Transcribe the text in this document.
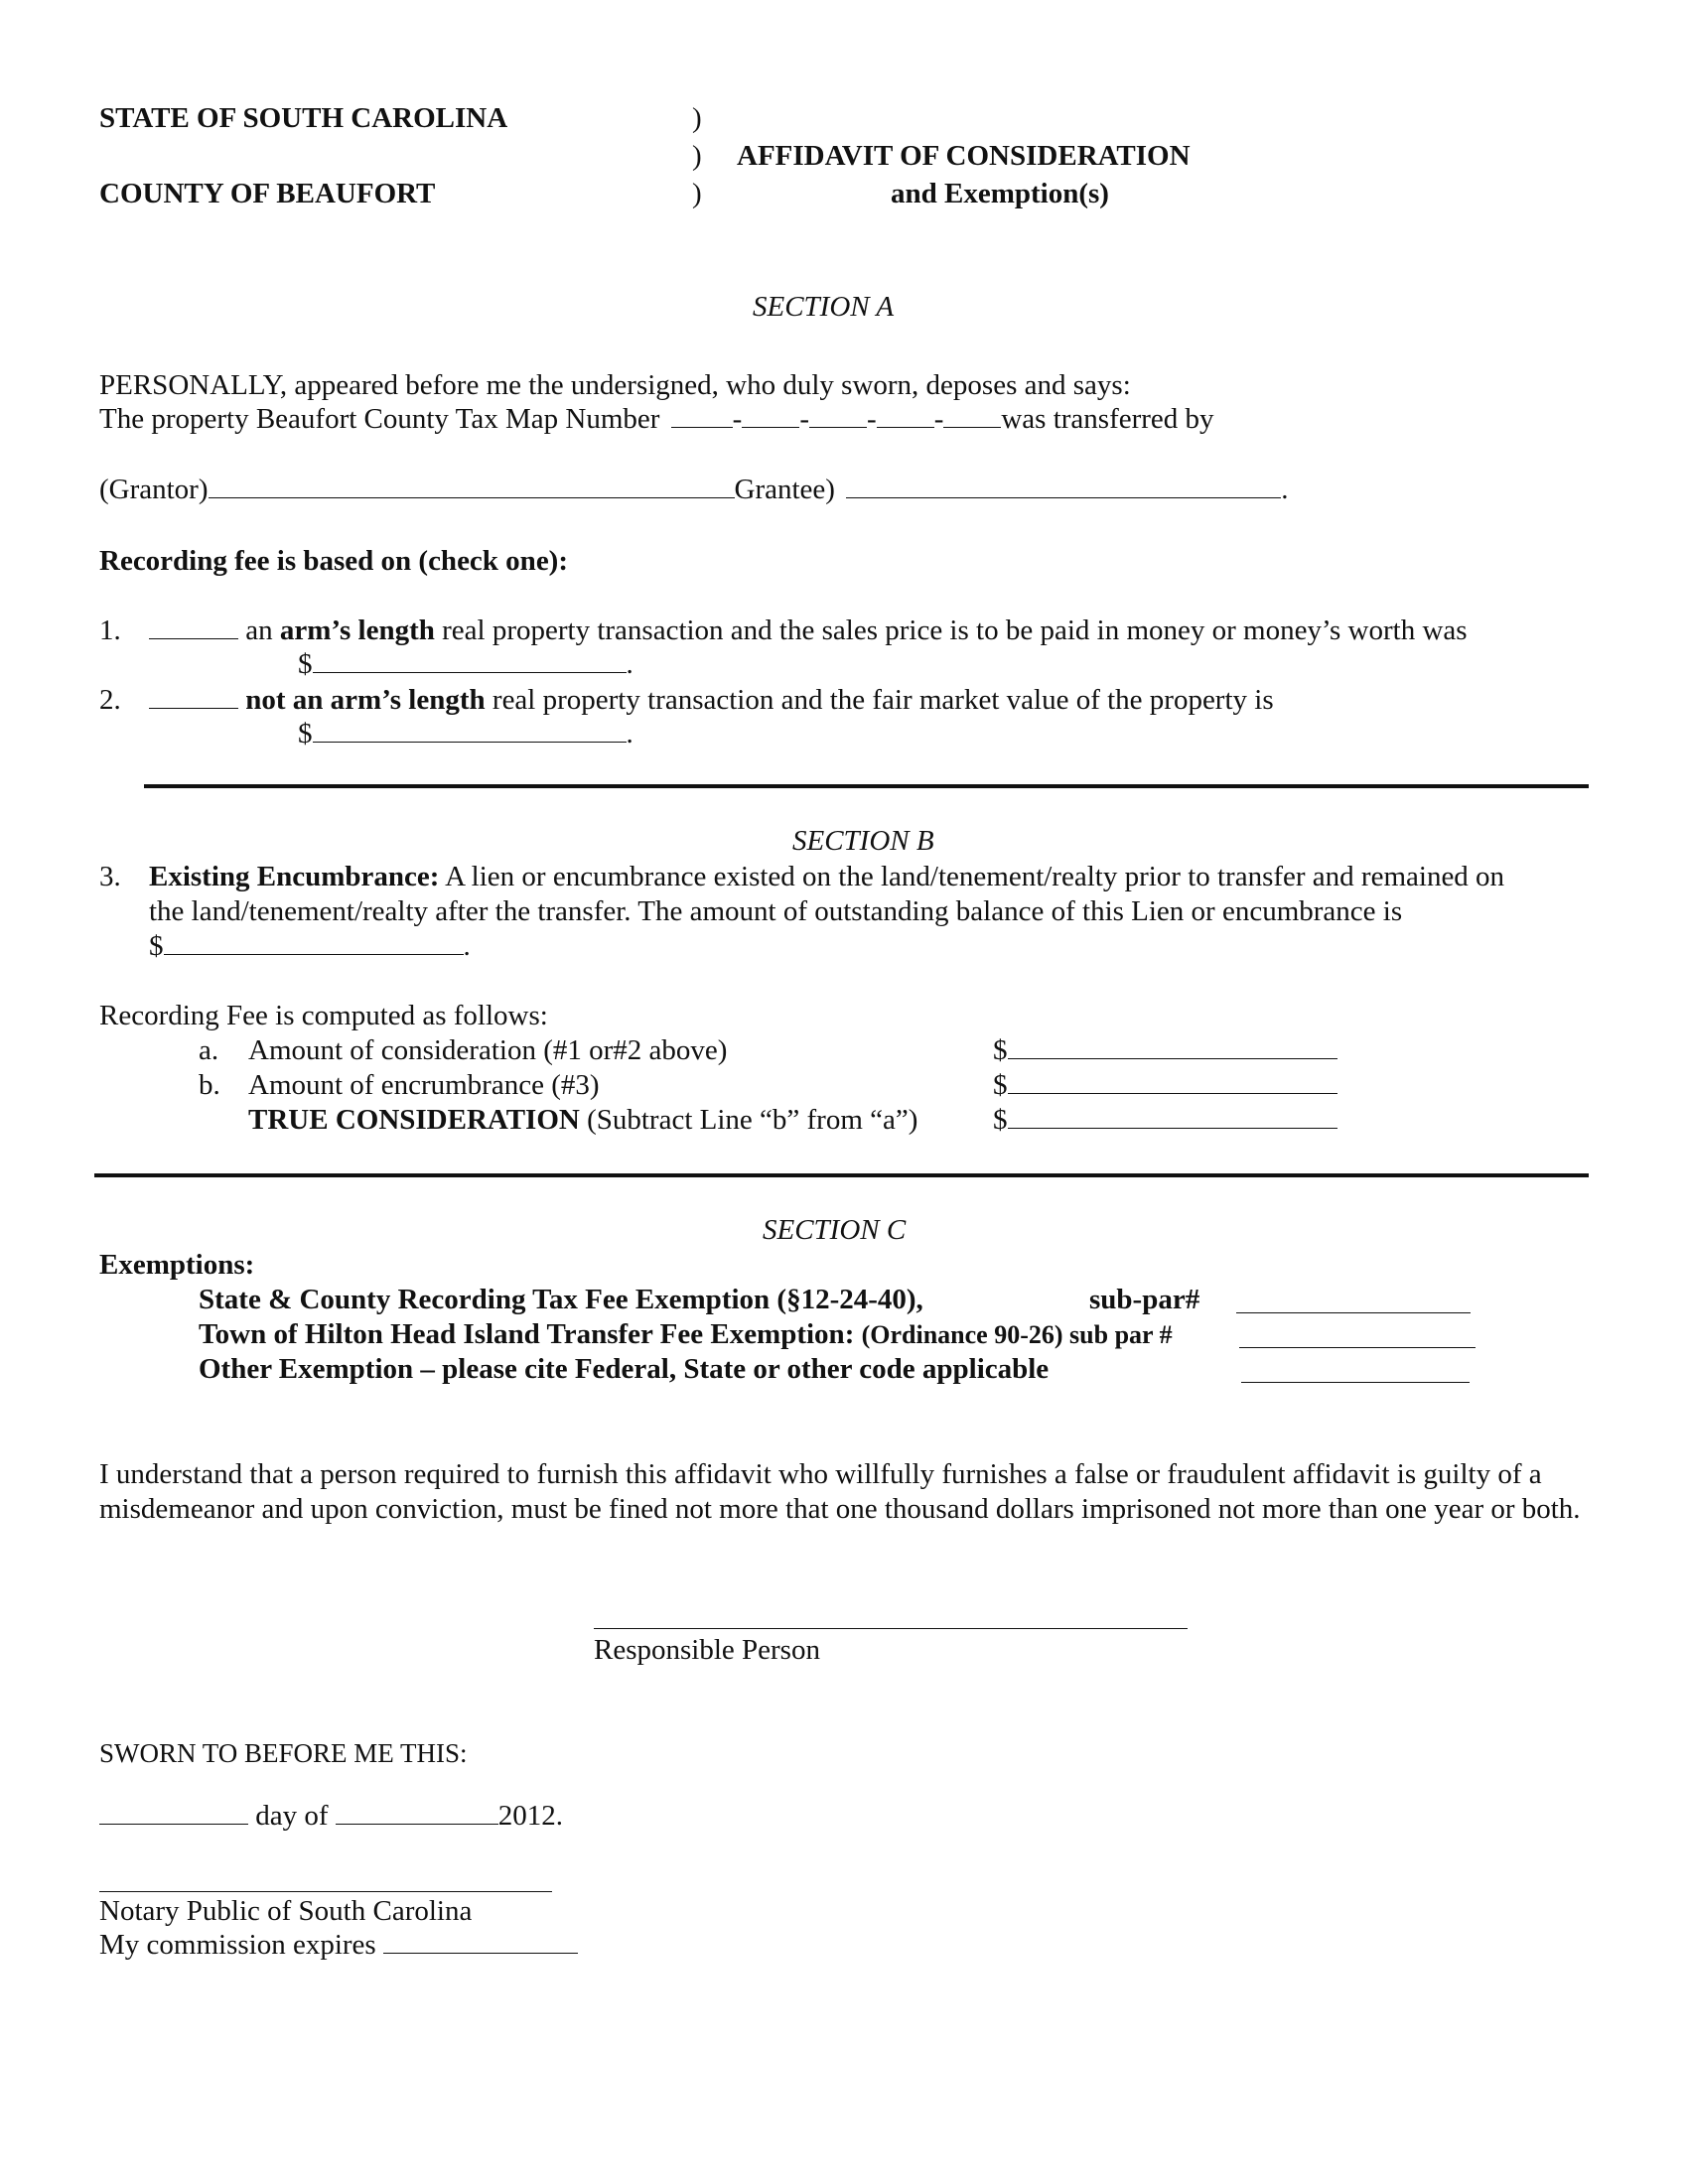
STATE OF SOUTH CAROLINA
COUNTY OF BEAUFORT
)
)
)
AFFIDAVIT OF CONSIDERATION
and Exemption(s)
SECTION A
PERSONALLY, appeared before me the undersigned, who duly sworn, deposes and says:
The property Beaufort County Tax Map Number	- - - - was transferred by
(Grantor)	Grantee)	.
Recording fee is based on (check one):
1.	an arm’s length real property transaction and the sales price is to be paid in money or money’s worth was
$	.
2.	not an arm’s length real property transaction and the fair market value of the property is
$	.
SECTION B
3. Existing Encumbrance: A lien or encumbrance existed on the land/tenement/realty prior to transfer and remained on
the land/tenement/realty after the transfer. The amount of outstanding balance of this Lien or encumbrance is
$	.
Recording Fee is computed as follows:
a. Amount of consideration (#1 or#2 above)	$
b. Amount of encrumbrance (#3)	$
TRUE CONSIDERATION (Subtract Line “b” from “a”)	$
SECTION C
Exemptions:
State & County Recording Tax Fee Exemption (§12-24-40),	sub-par#
Town of Hilton Head Island Transfer Fee Exemption: (Ordinance 90-26) sub par #
Other Exemption – please cite Federal, State or other code applicable
I understand that a person required to furnish this affidavit who willfully furnishes a false or fraudulent affidavit is guilty of a misdemeanor and upon conviction, must be fined not more that one thousand dollars imprisoned not more than one year or both.
Responsible Person
SWORN TO BEFORE ME THIS:
day of	2012.
Notary Public of South Carolina
My commission expires
